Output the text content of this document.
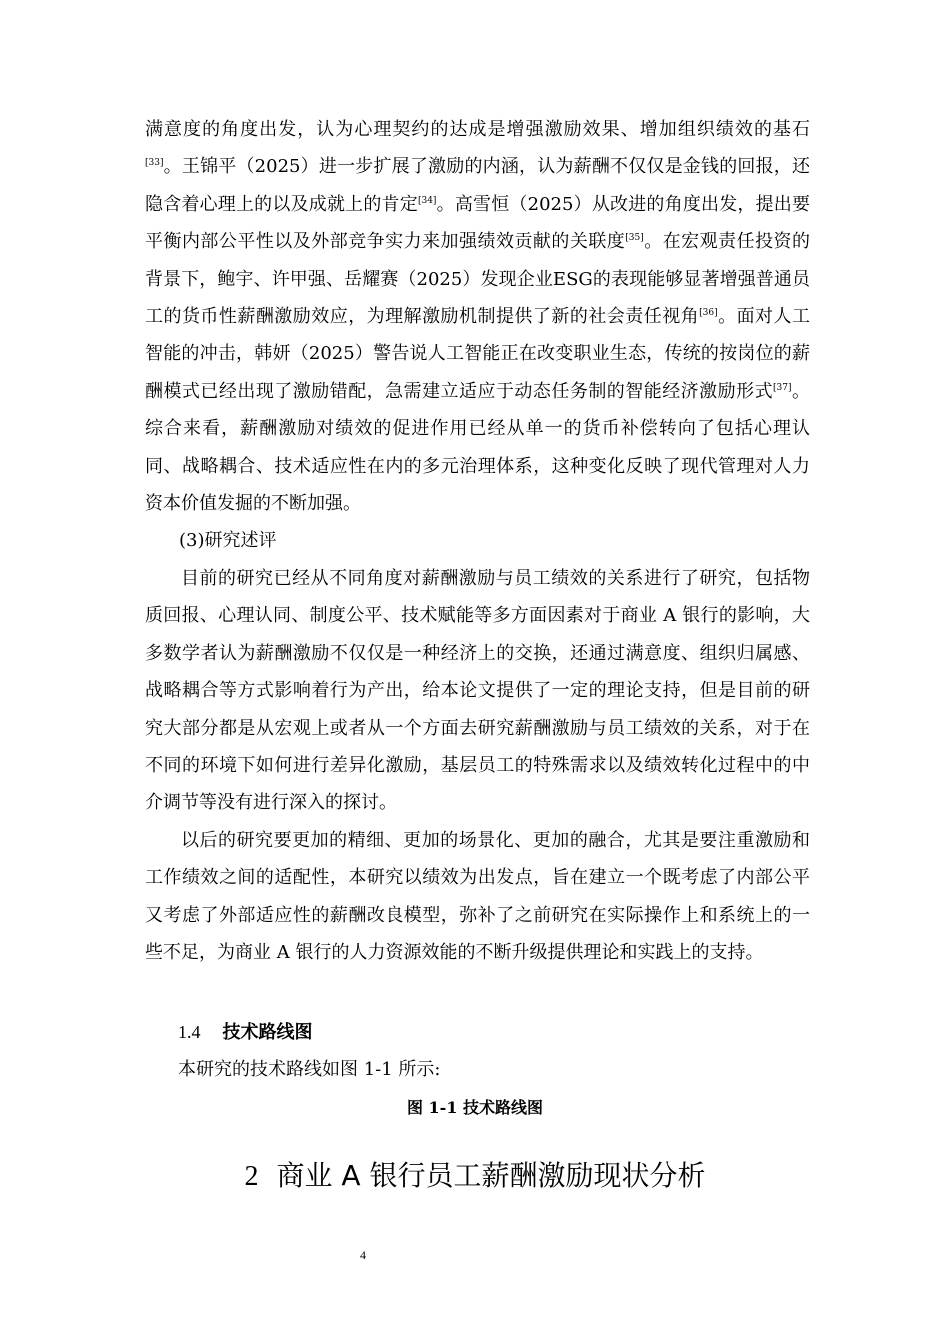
满意度的角度出发，认为心理契约的达成是增强激励效果、增加组织绩效的基石[33]。王锦平（2025）进一步扩展了激励的内涵，认为薪酬不仅仅是金钱的回报，还隐含着心理上的以及成就上的肯定[34]。高雪恒（2025）从改进的角度出发，提出要平衡内部公平性以及外部竞争实力来加强绩效贡献的关联度[35]。在宏观责任投资的背景下，鲍宇、许甲强、岳耀赛（2025）发现企业ESG的表现能够显著增强普通员工的货币性薪酬激励效应，为理解激励机制提供了新的社会责任视角[36]。面对人工智能的冲击，韩妍（2025）警告说人工智能正在改变职业生态，传统的按岗位的薪酬模式已经出现了激励错配，急需建立适应于动态任务制的智能经济激励形式[37]。综合来看，薪酬激励对绩效的促进作用已经从单一的货币补偿转向了包括心理认同、战略耦合、技术适应性在内的多元治理体系，这种变化反映了现代管理对人力资本价值发掘的不断加强。

(3)研究述评

目前的研究已经从不同角度对薪酬激励与员工绩效的关系进行了研究，包括物质回报、心理认同、制度公平、技术赋能等多方面因素对于商业 A 银行的影响，大多数学者认为薪酬激励不仅仅是一种经济上的交换，还通过满意度、组织归属感、战略耦合等方式影响着行为产出，给本论文提供了一定的理论支持，但是目前的研究大部分都是从宏观上或者从一个方面去研究薪酬激励与员工绩效的关系，对于在不同的环境下如何进行差异化激励，基层员工的特殊需求以及绩效转化过程中的中介调节等没有进行深入的探讨。

以后的研究要更加的精细、更加的场景化、更加的融合，尤其是要注重激励和工作绩效之间的适配性，本研究以绩效为出发点，旨在建立一个既考虑了内部公平又考虑了外部适应性的薪酬改良模型，弥补了之前研究在实际操作上和系统上的一些不足，为商业 A 银行的人力资源效能的不断升级提供理论和实践上的支持。

1.4 技术路线图
本研究的技术路线如图 1-1 所示:
图 1-1 技术路线图
2 商业 A 银行员工薪酬激励现状分析
4
